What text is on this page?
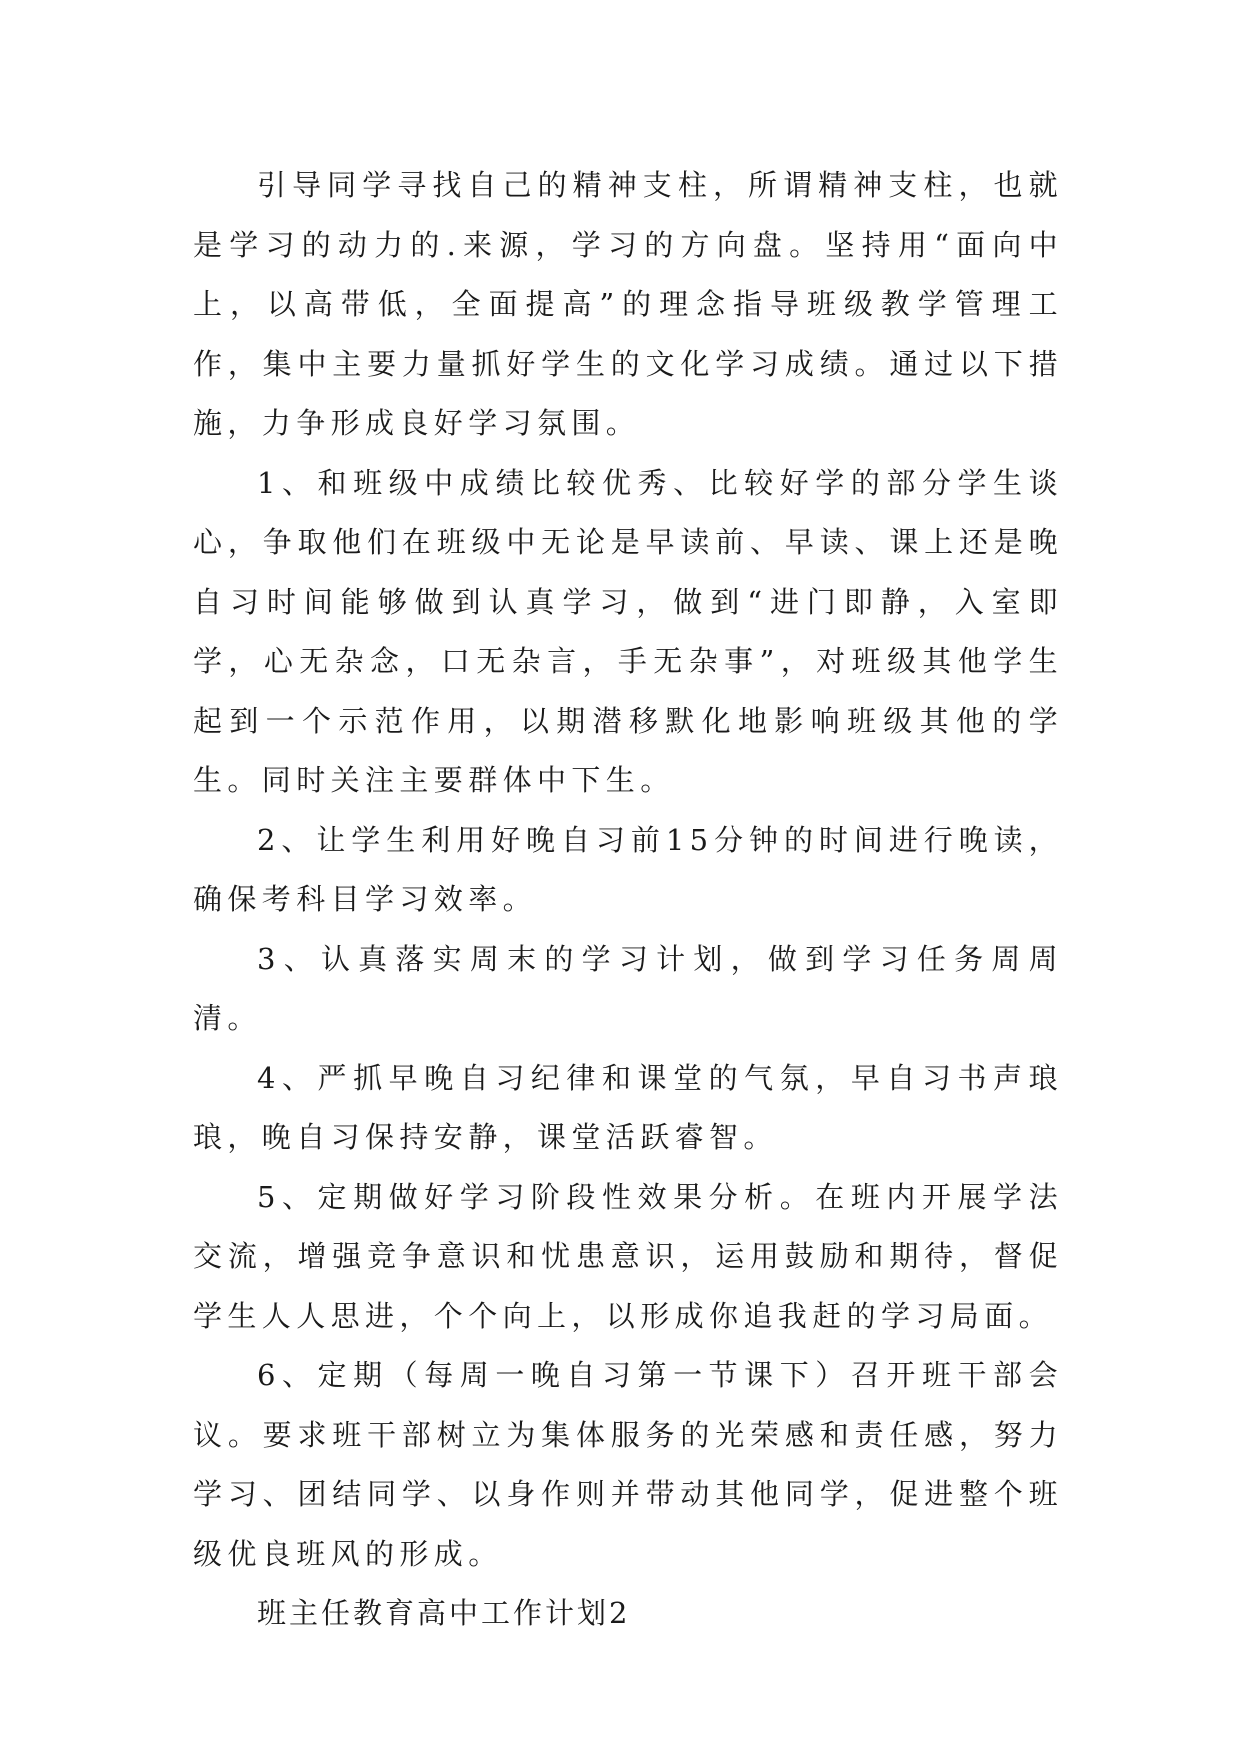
引导同学寻找自己的精神支柱，所谓精神支柱，也就是学习的动力的.来源，学习的方向盘。坚持用“面向中上，以高带低，全面提高”的理念指导班级教学管理工作，集中主要力量抓好学生的文化学习成绩。通过以下措施，力争形成良好学习氛围。

1、和班级中成绩比较优秀、比较好学的部分学生谈心，争取他们在班级中无论是早读前、早读、课上还是晚自习时间能够做到认真学习，做到“进门即静，入室即学，心无杂念，口无杂言，手无杂事”，对班级其他学生起到一个示范作用，以期潜移默化地影响班级其他的学生。同时关注主要群体中下生。

2、让学生利用好晚自习前15分钟的时间进行晚读，确保考科目学习效率。

3、认真落实周末的学习计划，做到学习任务周周清。

4、严抓早晚自习纪律和课堂的气氛，早自习书声琅琅，晚自习保持安静，课堂活跃睿智。

5、定期做好学习阶段性效果分析。在班内开展学法交流，增强竞争意识和忧患意识，运用鼓励和期待，督促学生人人思进，个个向上，以形成你追我赶的学习局面。

6、定期（每周一晚自习第一节课下）召开班干部会议。要求班干部树立为集体服务的光荣感和责任感，努力学习、团结同学、以身作则并带动其他同学，促进整个班级优良班风的形成。

班主任教育高中工作计划2
